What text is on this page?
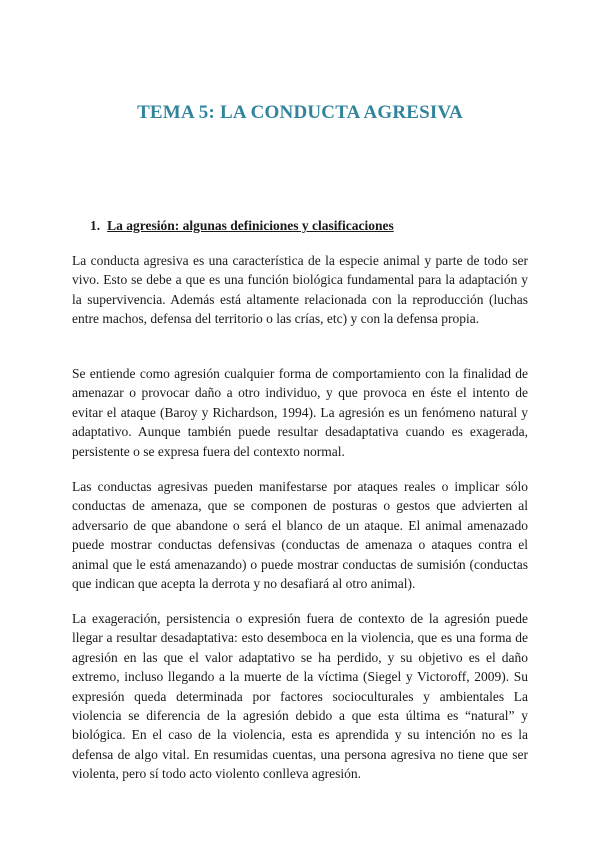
TEMA 5: LA CONDUCTA AGRESIVA
1. La agresión: algunas definiciones y clasificaciones

La conducta agresiva es una característica de la especie animal y parte de todo ser vivo. Esto se debe a que es una función biológica fundamental para la adaptación y la supervivencia. Además está altamente relacionada con la reproducción (luchas entre machos, defensa del territorio o las crías, etc) y con la defensa propia.

Se entiende como agresión cualquier forma de comportamiento con la finalidad de amenazar o provocar daño a otro individuo, y que provoca en éste el intento de evitar el ataque (Baroy y Richardson, 1994). La agresión es un fenómeno natural y adaptativo. Aunque también puede resultar desadaptativa cuando es exagerada, persistente o se expresa fuera del contexto normal.

Las conductas agresivas pueden manifestarse por ataques reales o implicar sólo conductas de amenaza, que se componen de posturas o gestos que advierten al adversario de que abandone o será el blanco de un ataque. El animal amenazado puede mostrar conductas defensivas (conductas de amenaza o ataques contra el animal que le está amenazando) o puede mostrar conductas de sumisión (conductas que indican que acepta la derrota y no desafiará al otro animal).

La exageración, persistencia o expresión fuera de contexto de la agresión puede llegar a resultar desadaptativa: esto desemboca en la violencia, que es una forma de agresión en las que el valor adaptativo se ha perdido, y su objetivo es el daño extremo, incluso llegando a la muerte de la víctima (Siegel y Victoroff, 2009). Su expresión queda determinada por factores socioculturales y ambientales La violencia se diferencia de la agresión debido a que esta última es “natural” y biológica. En el caso de la violencia, esta es aprendida y su intención no es la defensa de algo vital. En resumidas cuentas, una persona agresiva no tiene que ser violenta, pero sí todo acto violento conlleva agresión.
